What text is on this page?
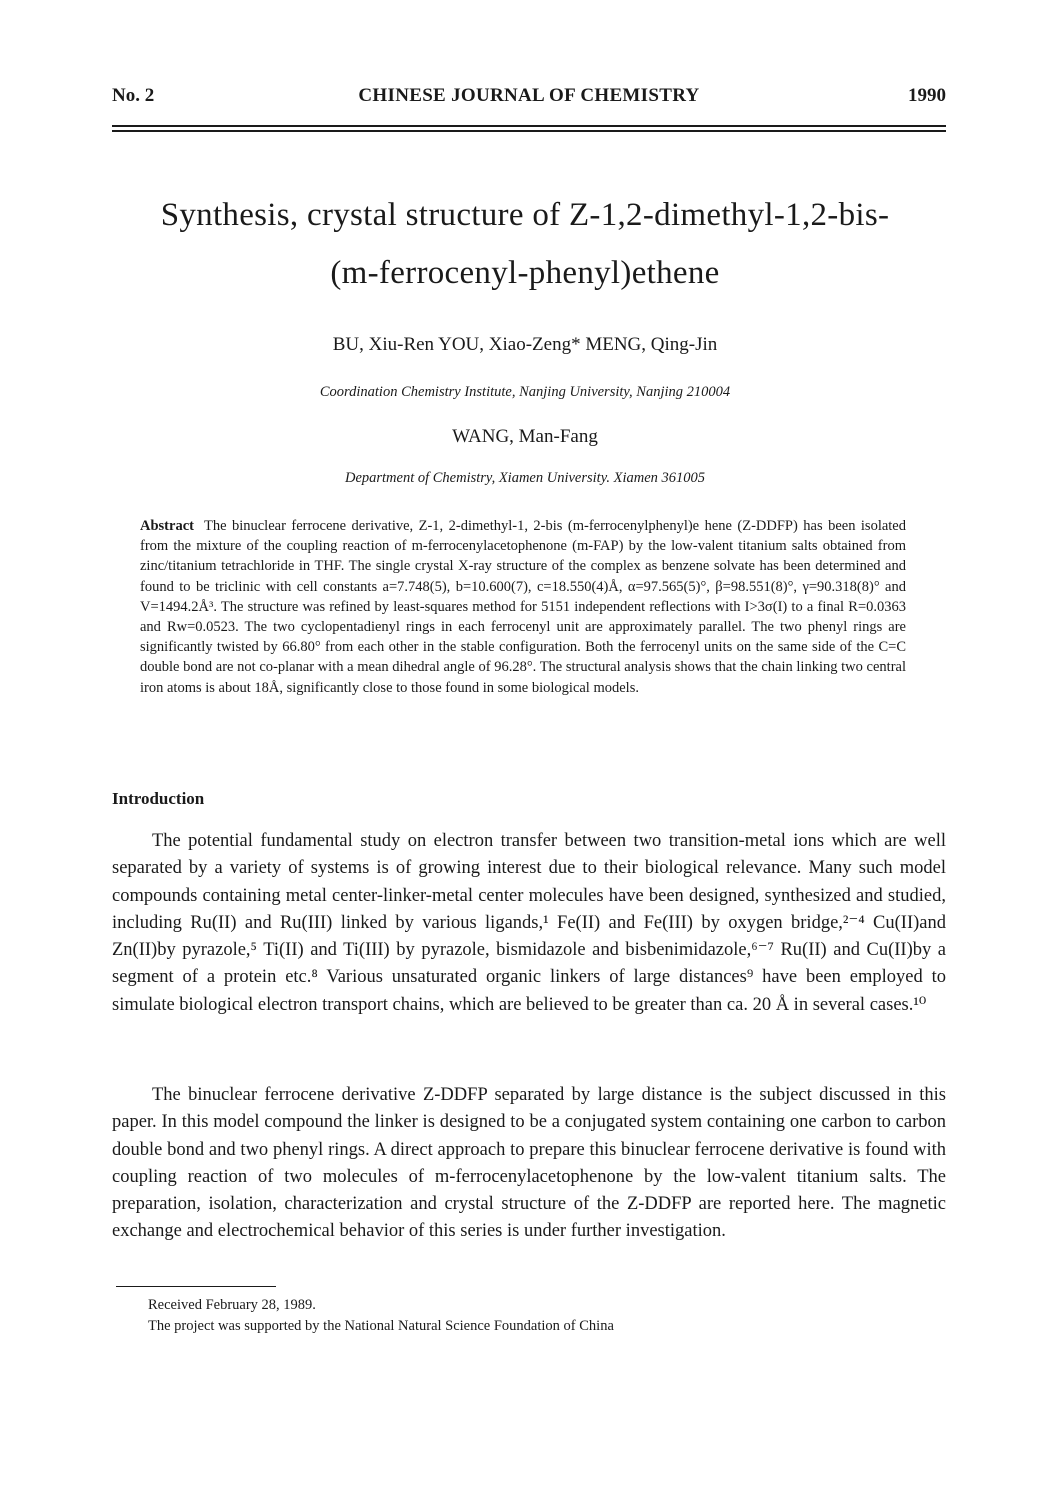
No. 2	CHINESE JOURNAL OF CHEMISTRY	1990
Synthesis, crystal structure of Z-1,2-dimethyl-1,2-bis-
(m-ferrocenyl-phenyl)ethene
BU, Xiu-Ren YOU, Xiao-Zeng* MENG, Qing-Jin
Coordination Chemistry Institute, Nanjing University, Nanjing 210004
WANG, Man-Fang
Department of Chemistry, Xiamen University. Xiamen 361005
Abstract The binuclear ferrocene derivative, Z-1, 2-dimethyl-1, 2-bis (m-ferrocenylphenyl)e hene (Z-DDFP) has been isolated from the mixture of the coupling reaction of m-ferrocenylacetophenone (m-FAP) by the low-valent titanium salts obtained from zinc/titanium tetrachloride in THF. The single crystal X-ray structure of the complex as benzene solvate has been determined and found to be triclinic with cell constants a=7.748(5), b=10.600(7), c=18.550(4)Å, α=97.565(5)°, β=98.551(8)°, γ=90.318(8)° and V=1494.2Å³. The structure was refined by least-squares method for 5151 independent reflections with I>3σ(I) to a final R=0.0363 and Rw=0.0523. The two cyclopentadienyl rings in each ferrocenyl unit are approximately parallel. The two phenyl rings are significantly twisted by 66.80° from each other in the stable configuration. Both the ferrocenyl units on the same side of the C=C double bond are not co-planar with a mean dihedral angle of 96.28°. The structural analysis shows that the chain linking two central iron atoms is about 18Å, significantly close to those found in some biological models.
Introduction

The potential fundamental study on electron transfer between two transition-metal ions which are well separated by a variety of systems is of growing interest due to their biological relevance. Many such model compounds containing metal center-linker-metal center molecules have been designed, synthesized and studied, including Ru(II) and Ru(III) linked by various ligands,¹ Fe(II) and Fe(III) by oxygen bridge,²⁻⁴ Cu(II)and Zn(II)by pyrazole,⁵ Ti(II) and Ti(III) by pyrazole, bismidazole and bisbenimidazole,⁶⁻⁷ Ru(II) and Cu(II)by a segment of a protein etc.⁸ Various unsaturated organic linkers of large distances⁹ have been employed to simulate biological electron transport chains, which are believed to be greater than ca. 20 Å in several cases.¹⁰

The binuclear ferrocene derivative Z-DDFP separated by large distance is the subject discussed in this paper. In this model compound the linker is designed to be a conjugated system containing one carbon to carbon double bond and two phenyl rings. A direct approach to prepare this binuclear ferrocene derivative is found with coupling reaction of two molecules of m-ferrocenylacetophenone by the low-valent titanium salts. The preparation, isolation, characterization and crystal structure of the Z-DDFP are reported here. The magnetic exchange and electrochemical behavior of this series is under further investigation.

Received February 28, 1989.
The project was supported by the National Natural Science Foundation of China
